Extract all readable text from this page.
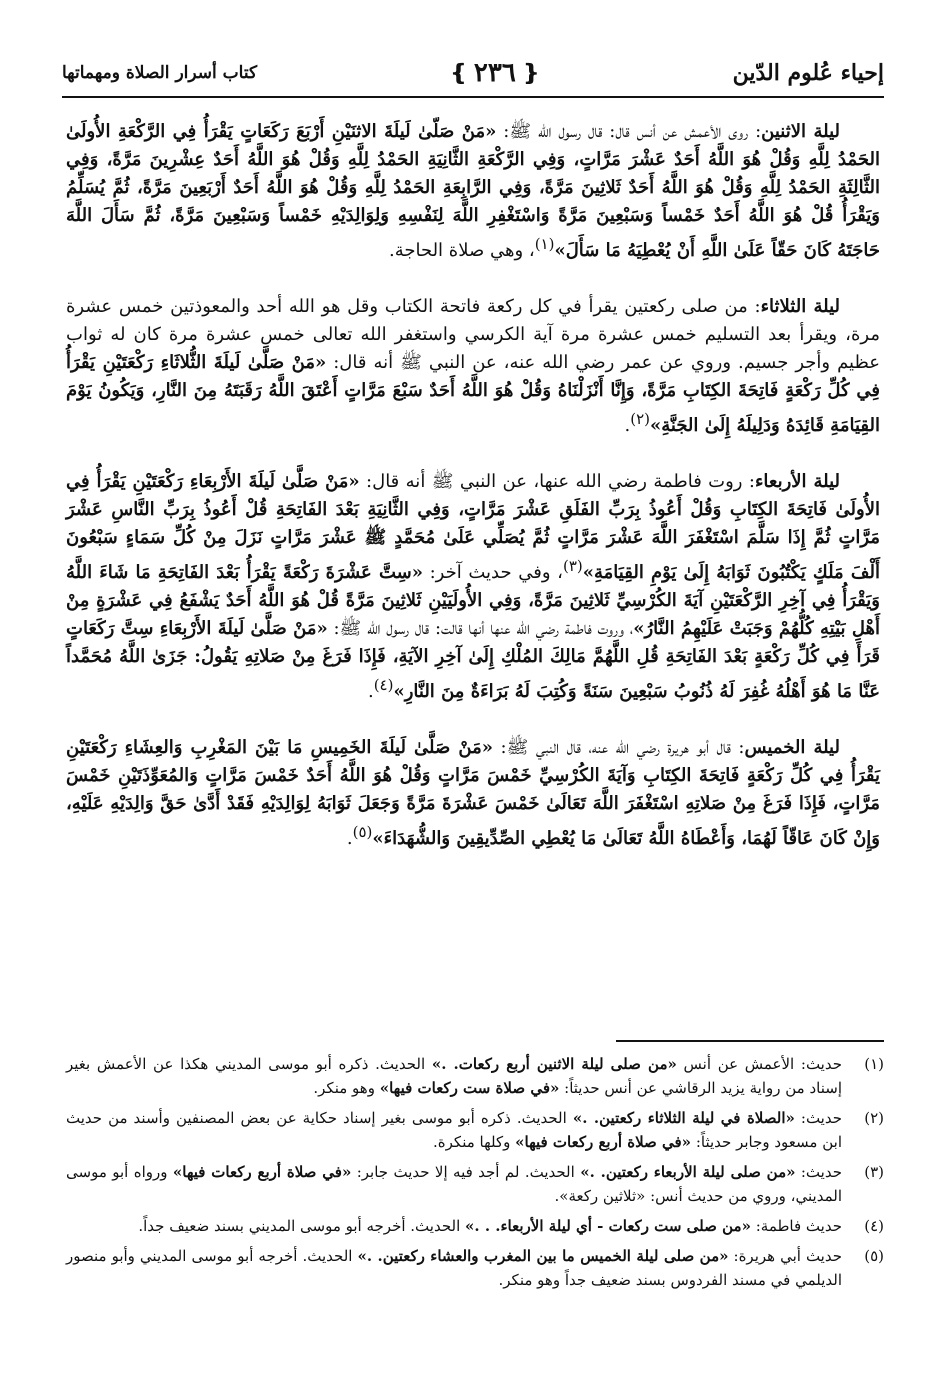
إحياء عُلوم الدّين
❴
٢٣٦
❵
كتاب أسرار الصلاة ومهماتها

ليلة الاثنين: روى الأعمش عن أنس قال: قال رسول الله ﷺ: «مَنْ صَلّىٰ لَيلَةَ الاثنَيْنِ أَرْبَعَ رَكَعَاتٍ يَقْرَأُ فِي الرَّكْعَةِ الأُولَىٰ الحَمْدُ لِلَّهِ وَقُلْ هُوَ اللَّهُ أَحَدٌ عَشْرَ مَرَّاتٍ، وَفِي الرَّكْعَةِ الثَّانِيَةِ الحَمْدُ لِلَّهِ وَقُلْ هُوَ اللَّهُ أَحَدٌ عِشْرِينَ مَرَّةً، وَفِي الثَّالِثَةِ الحَمْدُ لِلَّهِ وَقُلْ هُوَ اللَّهُ أَحَدٌ ثَلاثِينَ مَرَّةً، وَفِي الرَّابِعَةِ الحَمْدُ لِلَّهِ وَقُلْ هُوَ اللَّهُ أَحَدٌ أَرْبَعِينَ مَرَّةً، ثُمَّ يُسَلِّمُ وَيَقْرَأُ قُلْ هُوَ اللَّهُ أَحَدٌ خَمْساً وَسَبْعِينَ مَرَّةً وَاسْتَغْفِرِ اللَّهَ لِنَفْسِهِ وَلِوَالِدَيْهِ خَمْساً وَسَبْعِينَ مَرَّةً، ثُمَّ سَأَلَ اللَّهَ حَاجَتَهُ كَانَ حَقّاً عَلَىٰ اللَّهِ أَنْ يُعْطِيَهُ مَا سَأَلَ»$^{(١)}$، وهي صلاة الحاجة.

ليلة الثلاثاء: من صلى ركعتين يقرأ في كل ركعة فاتحة الكتاب وقل هو الله أحد والمعوذتين خمس عشرة مرة، ويقرأ بعد التسليم خمس عشرة مرة آية الكرسي واستغفر الله تعالى خمس عشرة مرة كان له ثواب عظيم وأجر جسيم. وروي عن عمر رضي الله عنه، عن النبي ﷺ أنه قال: «مَنْ صَلَّىٰ لَيلَةَ الثُّلاثَاءِ رَكْعَتَيْنِ يَقْرَأُ فِي كُلِّ رَكْعَةٍ فَاتِحَةَ الكِتَابِ مَرَّةً، وَإِنَّا أَنْزَلْنَاهُ وَقُلْ هُوَ اللَّهُ أَحَدٌ سَبْعَ مَرَّاتٍ أَعْتَقَ اللَّهُ رَقَبَتَهُ مِنَ النَّارِ، وَيَكُونُ يَوْمَ القِيَامَةِ قَائِدَهُ وَدَلِيلَهُ إِلَىٰ الجَنَّةِ»$^{(٢)}$.

ليلة الأربعاء: روت فاطمة رضي الله عنها، عن النبي ﷺ أنه قال: «مَنْ صَلَّىٰ لَيلَةَ الأَرْبِعَاءِ رَكْعَتَيْنِ يَقْرَأُ فِي الأُولَىٰ فَاتِحَةَ الكِتَابِ وَقُلْ أَعُوذُ بِرَبِّ الفَلَقِ عَشْرَ مَرَّاتٍ، وَفِي الثَّانِيَةِ بَعْدَ الفَاتِحَةِ قُلْ أَعُوذُ بِرَبِّ النَّاسِ عَشْرَ مَرَّاتٍ ثُمَّ إِذَا سَلَّمَ اسْتَغْفَرَ اللَّهَ عَشْرَ مَرَّاتٍ ثُمَّ يُصَلِّي عَلَىٰ مُحَمَّدٍ ﷺ عَشْرَ مَرَّاتٍ نَزَلَ مِنْ كُلِّ سَمَاءٍ سَبْعُونَ أَلْفَ مَلَكٍ يَكْتُبُونَ ثَوَابَهُ إِلَىٰ يَوْمِ القِيَامَةِ»$^{(٣)}$، وفي حديث آخر: «سِتَّ عَشْرَةَ رَكْعَةً يَقْرَأُ بَعْدَ الفَاتِحَةِ مَا شَاءَ اللَّهُ وَيَقْرَأُ فِي آخِرِ الرَّكْعَتَيْنِ آيَةَ الكُرْسِيِّ ثَلاثِينَ مَرَّةً، وَفِي الأُولَيَيْنِ ثَلاثِينَ مَرَّةً قُلْ هُوَ اللَّهُ أَحَدٌ يَشْفَعُ فِي عَشْرَةٍ مِنْ أَهْلِ بَيْتِهِ كُلُّهُمْ وَجَبَتْ عَلَيْهِمُ النَّارُ»، وروت فاطمة رضي الله عنها أنها قالت: قال رسول الله ﷺ: «مَنْ صَلَّىٰ لَيلَةَ الأَرْبِعَاءِ سِتَّ رَكَعَاتٍ قَرَأَ فِي كُلِّ رَكْعَةٍ بَعْدَ الفَاتِحَةِ قُلِ اللَّهُمَّ مَالِكَ المُلْكِ إِلَىٰ آخِرِ الآيَةِ، فَإِذَا فَرَغَ مِنْ صَلاتِهِ يَقُولُ: جَزَىٰ اللَّهُ مُحَمَّداً عَنَّا مَا هُوَ أَهْلُهُ غُفِرَ لَهُ ذُنُوبُ سَبْعِينَ سَنَةً وَكُتِبَ لَهُ بَرَاءَةٌ مِنَ النَّارِ»$^{(٤)}$.

ليلة الخميس: قال أبو هريرة رضي الله عنه، قال النبي ﷺ: «مَنْ صَلَّىٰ لَيلَةَ الخَمِيسِ مَا بَيْنَ المَغْرِبِ وَالعِشَاءِ رَكْعَتَيْنِ يَقْرَأُ فِي كُلِّ رَكْعَةٍ فَاتِحَةَ الكِتَابِ وَآيَةَ الكُرْسِيِّ خَمْسَ مَرَّاتٍ وَقُلْ هُوَ اللَّهُ أَحَدٌ خَمْسَ مَرَّاتٍ وَالمُعَوِّذَتَيْنِ خَمْسَ مَرَّاتٍ، فَإِذَا فَرَغَ مِنْ صَلاتِهِ اسْتَغْفَرَ اللَّهَ تَعَالَىٰ خَمْسَ عَشْرَةَ مَرَّةً وَجَعَلَ ثَوَابَهُ لِوَالِدَيْهِ فَقَدْ أَدَّىٰ حَقَّ وَالِدَيْهِ عَلَيْهِ، وَإِنْ كَانَ عَاقّاً لَهُمَا، وَأَعْطَاهُ اللَّهُ تَعَالَىٰ مَا يُعْطِي الصِّدِّيقِينَ وَالشُّهَدَاءَ»$^{(٥)}$.

(١)
حديث: الأعمش عن أنس «من صلى ليلة الاثنين أربع ركعات. .» الحديث. ذكره أبو موسى المديني هكذا عن الأعمش بغير إسناد من رواية يزيد الرقاشي عن أنس حديثاً: «في صلاة ست ركعات فيها» وهو منكر.
(٢)
حديث: «الصلاة في ليلة الثلاثاء ركعتين. .» الحديث. ذكره أبو موسى بغير إسناد حكاية عن بعض المصنفين وأسند من حديث ابن مسعود وجابر حديثاً: «في صلاة أربع ركعات فيها» وكلها منكرة.
(٣)
حديث: «من صلى ليلة الأربعاء ركعتين. .» الحديث. لم أجد فيه إلا حديث جابر: «في صلاة أربع ركعات فيها» ورواه أبو موسى المديني، وروي من حديث أنس: «ثلاثين ركعة».
(٤)
حديث فاطمة: «من صلى ست ركعات - أي ليلة الأربعاء. . .» الحديث. أخرجه أبو موسى المديني بسند ضعيف جداً.
(٥)
حديث أبي هريرة: «من صلى ليلة الخميس ما بين المغرب والعشاء ركعتين. .» الحديث. أخرجه أبو موسى المديني وأبو منصور الديلمي في مسند الفردوس بسند ضعيف جداً وهو منكر.
